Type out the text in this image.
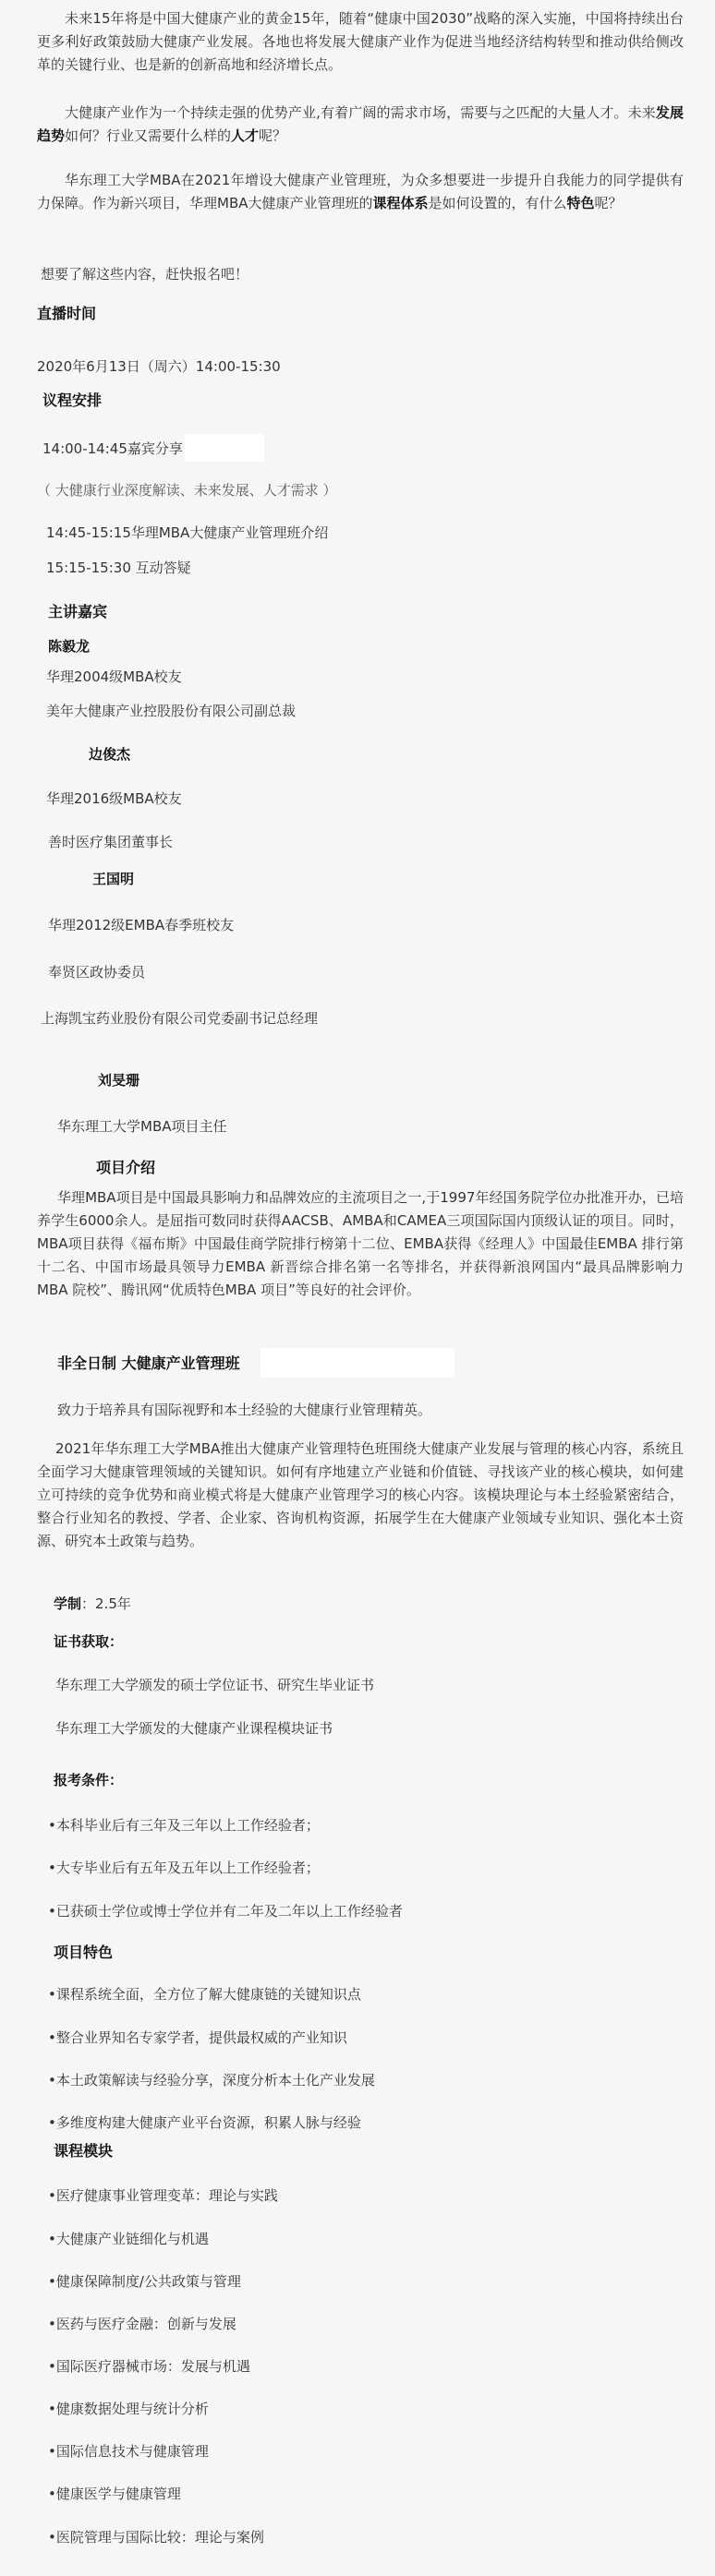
未来15年将是中国大健康产业的黄金15年，随着“健康中国2030”战略的深入实施，中国将持续出台更多利好政策鼓励大健康产业发展。各地也将发展大健康产业作为促进当地经济结构转型和推动供给侧改革的关键行业、也是新的创新高地和经济增长点。
大健康产业作为一个持续走强的优势产业,有着广阔的需求市场，需要与之匹配的大量人才。未来发展趋势如何？行业又需要什么样的人才呢？
华东理工大学MBA在2021年增设大健康产业管理班，为众多想要进一步提升自我能力的同学提供有力保障。作为新兴项目，华理MBA大健康产业管理班的课程体系是如何设置的，有什么特色呢？
想要了解这些内容，赶快报名吧！
直播时间
2020年6月13日（周六）14:00-15:30
议程安排
14:00-14:45嘉宾分享
（ 大健康行业深度解读、未来发展、人才需求 ）
14:45-15:15华理MBA大健康产业管理班介绍
15:15-15:30 互动答疑
主讲嘉宾
陈毅龙
华理2004级MBA校友
美年大健康产业控股股份有限公司副总裁
边俊杰
华理2016级MBA校友
善时医疗集团董事长
王国明
华理2012级EMBA春季班校友
奉贤区政协委员
上海凯宝药业股份有限公司党委副书记总经理
刘旻珊
华东理工大学MBA项目主任
项目介绍
华理MBA项目是中国最具影响力和品牌效应的主流项目之一,于1997年经国务院学位办批准开办，已培养学生6000余人。是屈指可数同时获得AACSB、AMBA和CAMEA三项国际国内顶级认证的项目。同时，MBA项目获得《福布斯》中国最佳商学院排行榜第十二位、EMBA获得《经理人》中国最佳EMBA 排行第十二名、中国市场最具领导力EMBA 新晋综合排名第一名等排名，并获得新浪网国内“最具品牌影响力MBA 院校”、腾讯网“优质特色MBA 项目”等良好的社会评价。
非全日制 大健康产业管理班
致力于培养具有国际视野和本土经验的大健康行业管理精英。
2021年华东理工大学MBA推出大健康产业管理特色班围绕大健康产业发展与管理的核心内容，系统且全面学习大健康管理领域的关键知识。如何有序地建立产业链和价值链、寻找该产业的核心模块，如何建立可持续的竞争优势和商业模式将是大健康产业管理学习的核心内容。该模块理论与本土经验紧密结合，整合行业知名的教授、学者、企业家、咨询机构资源，拓展学生在大健康产业领域专业知识、强化本土资源、研究本土政策与趋势。
学制：2.5年
证书获取：
华东理工大学颁发的硕士学位证书、研究生毕业证书
华东理工大学颁发的大健康产业课程模块证书
报考条件：
•本科毕业后有三年及三年以上工作经验者；
•大专毕业后有五年及五年以上工作经验者；
•已获硕士学位或博士学位并有二年及二年以上工作经验者
项目特色
•课程系统全面，全方位了解大健康链的关键知识点
•整合业界知名专家学者，提供最权威的产业知识
•本土政策解读与经验分享，深度分析本土化产业发展
•多维度构建大健康产业平台资源，积累人脉与经验
课程模块
•医疗健康事业管理变革：理论与实践
•大健康产业链细化与机遇
•健康保障制度/公共政策与管理
•医药与医疗金融：创新与发展
•国际医疗器械市场：发展与机遇
•健康数据处理与统计分析
•国际信息技术与健康管理
•健康医学与健康管理
•医院管理与国际比较：理论与案例
